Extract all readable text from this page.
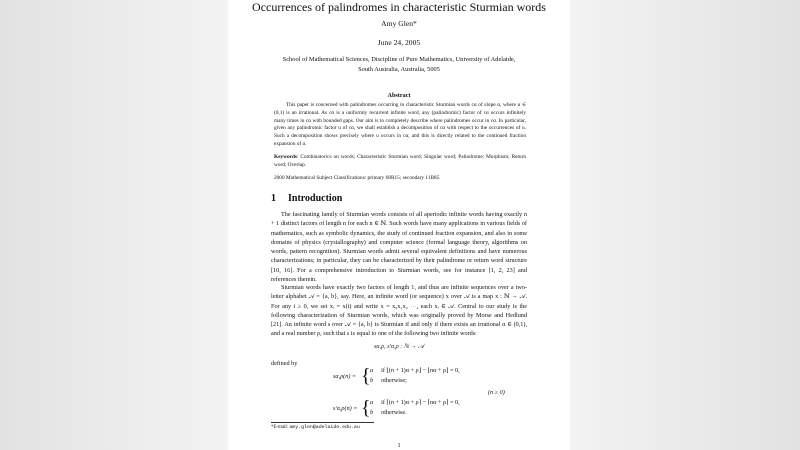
Occurrences of palindromes in characteristic Sturmian words
Amy Glen*
June 24, 2005
School of Mathematical Sciences, Discipline of Pure Mathematics, University of Adelaide,
South Australia, Australia, 5005
Abstract
This paper is concerned with palindromes occurring in characteristic Sturmian words cα of slope α, where α ∈ (0,1) is an irrational. As cα is a uniformly recurrent infinite word, any (palindromic) factor of cα occurs infinitely many times in cα with bounded gaps. Our aim is to completely describe where palindromes occur in cα. In particular, given any palindromic factor u of cα, we shall establish a decomposition of cα with respect to the occurrences of u. Such a decomposition shows precisely where u occurs in cα, and this is directly related to the continued fraction expansion of α.
Keywords: Combinatorics on words; Characteristic Sturmian word; Singular word; Palindrome; Morphism; Return word; Overlap.
2000 Mathematical Subject Classifications: primary 68R15; secondary 11B85.
1 Introduction
The fascinating family of Sturmian words consists of all aperiodic infinite words having exactly n + 1 distinct factors of length n for each n ∈ ℕ. Such words have many applications in various fields of mathematics, such as symbolic dynamics, the study of continued fraction expansion, and also in some domains of physics (crystallography) and computer science (formal language theory, algorithms on words, pattern recognition). Sturmian words admit several equivalent definitions and have numerous characterizations; in particular, they can be characterized by their palindrome or return word structure [10, 16]. For a comprehensive introduction to Sturmian words, see for instance [1, 2, 23] and references therein.
Sturmian words have exactly two factors of length 1, and thus are infinite sequences over a two-letter alphabet 𝒜 = {a, b}, say. Here, an infinite word (or sequence) x over 𝒜 is a map x : ℕ → 𝒜. For any i ≥ 0, we set xᵢ = x(i) and write x = x₀x₁x₂ ⋯, each xᵢ ∈ 𝒜. Central to our study is the following characterization of Sturmian words, which was originally proved by Morse and Hedlund [21]. An infinite word s over 𝒜 = {a, b} is Sturmian if and only if there exists an irrational α ∈ (0,1), and a real number ρ, such that s is equal to one of the following two infinite words:
sα,ρ, s′α,ρ : ℕ → 𝒜
defined by
sα,ρ(n) = { a if ⌊(n + 1)α + ρ⌋ − ⌊nα + ρ⌋ = 0,
b otherwise;
(n ≥ 0)
s′α,ρ(n) = { a if ⌈(n + 1)α + ρ⌉ − ⌈nα + ρ⌉ = 0,
b otherwise.
*E-mail: amy.glen@adelaide.edu.au
1
